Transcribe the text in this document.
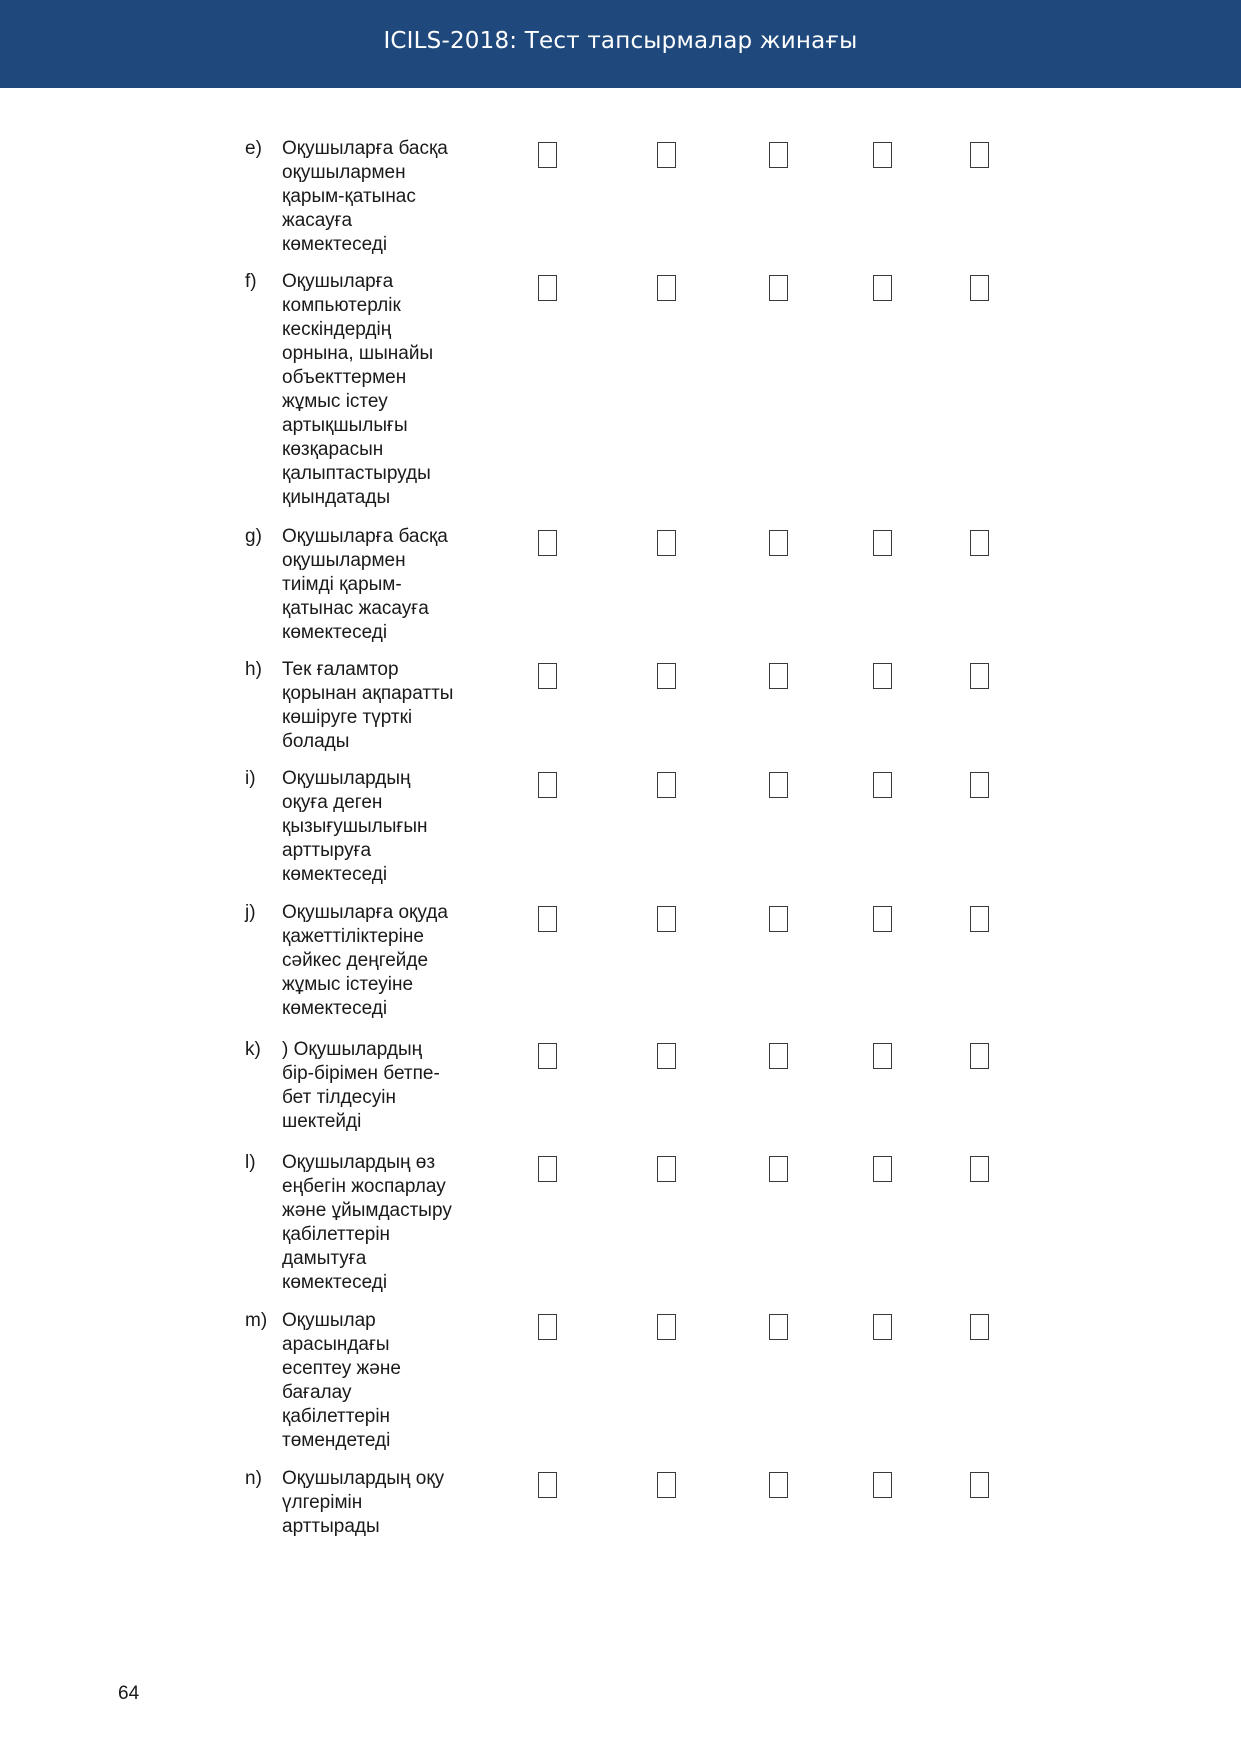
ICILS-2018: Тест тапсырмалар жинағы
e) Оқушыларға басқа
оқушылармен
қарым-қатынас
жасауға
көмектеседі
f) Оқушыларға
компьютерлік
кескіндердің
орнына, шынайы
объекттермен
жұмыс істеу
артықшылығы
көзқарасын
қалыптастыруды
қиындатады
g) Оқушыларға басқа
оқушылармен
тиімді қарым-
қатынас жасауға
көмектеседі
h) Тек ғаламтор
қорынан ақпаратты
көшіруге түрткі
болады
i) Оқушылардың
оқуға деген
қызығушылығын
арттыруға
көмектеседі
j) Оқушыларға оқуда
қажеттіліктеріне
сәйкес деңгейде
жұмыс істеуіне
көмектеседі
k) ) Оқушылардың
бір-бірімен бетпе-
бет тілдесуін
шектейді
l) Оқушылардың өз
еңбегін жоспарлау
және ұйымдастыру
қабілеттерін
дамытуға
көмектеседі
m) Оқушылар
арасындағы
есептеу және
бағалау
қабілеттерін
төмендетеді
n) Оқушылардың оқу
үлгерімін
арттырады
64
